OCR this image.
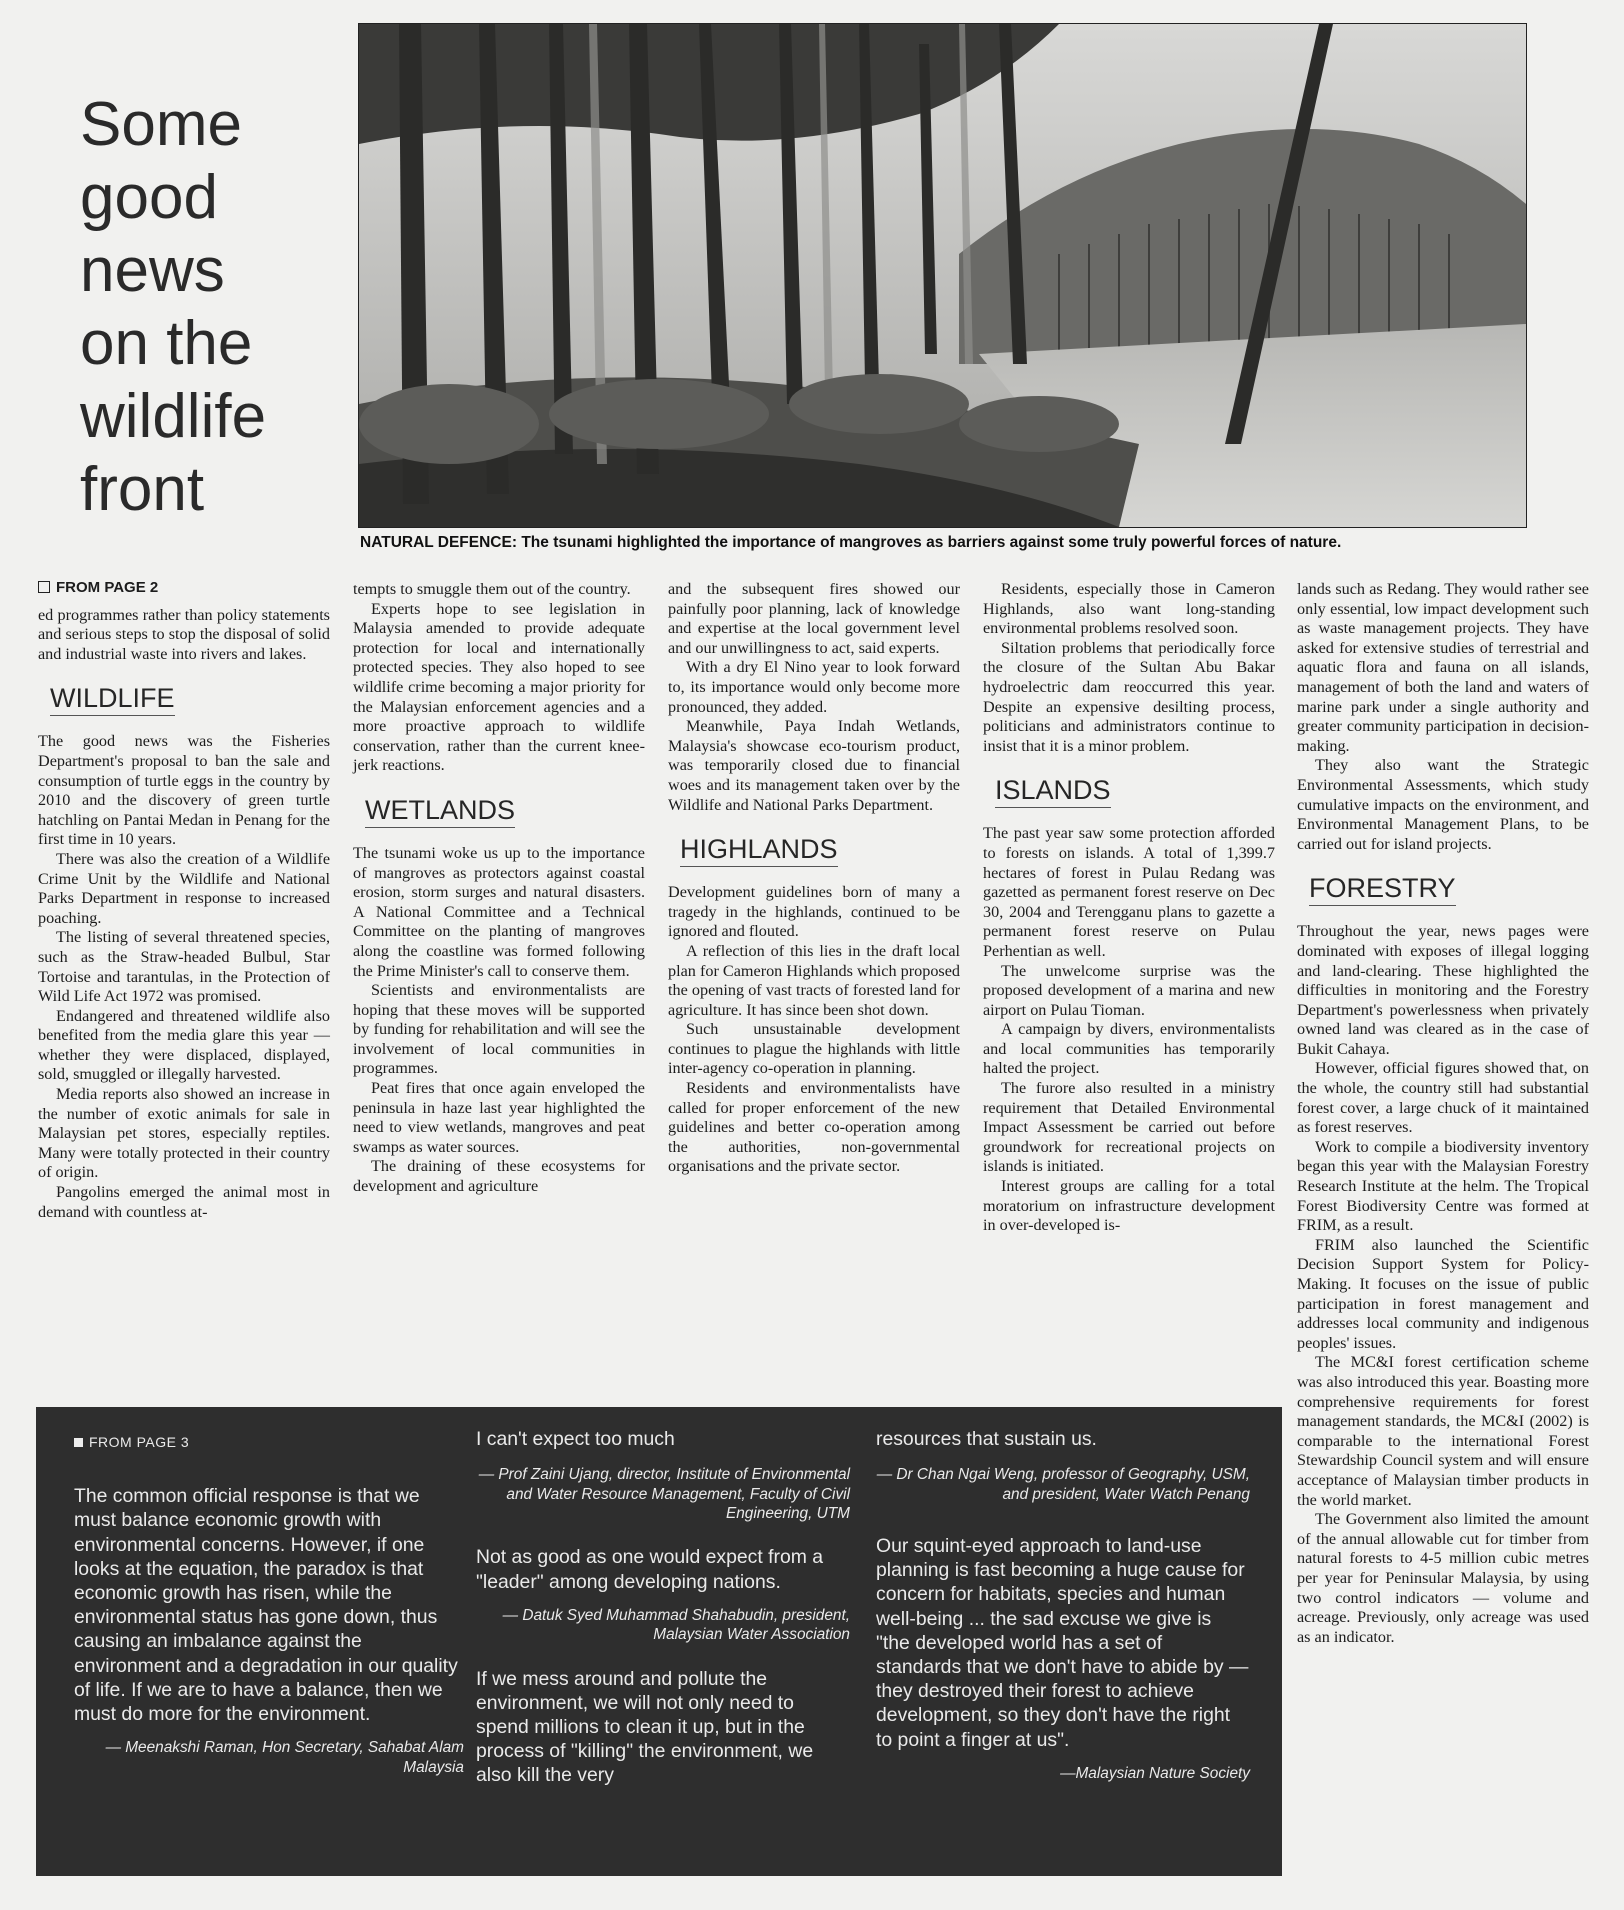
Some
good
news
on the
wildlife
front
NATURAL DEFENCE: The tsunami highlighted the importance of mangroves as barriers against some truly powerful forces of nature.
FROM PAGE 2

ed programmes rather than policy statements and serious steps to stop the disposal of solid and industrial waste into rivers and lakes.

WILDLIFE

The good news was the Fisheries Department's proposal to ban the sale and consumption of turtle eggs in the country by 2010 and the discovery of green turtle hatchling on Pantai Medan in Penang for the first time in 10 years.

There was also the creation of a Wildlife Crime Unit by the Wildlife and National Parks Department in response to increased poaching.

The listing of several threatened species, such as the Straw-headed Bulbul, Star Tortoise and tarantulas, in the Protection of Wild Life Act 1972 was promised.

Endangered and threatened wildlife also benefited from the media glare this year — whether they were displaced, displayed, sold, smuggled or illegally harvested.

Media reports also showed an increase in the number of exotic animals for sale in Malaysian pet stores, especially reptiles. Many were totally protected in their country of origin.

Pangolins emerged the animal most in demand with countless at-

tempts to smuggle them out of the country.

Experts hope to see legislation in Malaysia amended to provide adequate protection for local and internationally protected species. They also hoped to see wildlife crime becoming a major priority for the Malaysian enforcement agencies and a more proactive approach to wildlife conservation, rather than the current knee-jerk reactions.

WETLANDS

The tsunami woke us up to the importance of mangroves as protectors against coastal erosion, storm surges and natural disasters. A National Committee and a Technical Committee on the planting of mangroves along the coastline was formed following the Prime Minister's call to conserve them.

Scientists and environmentalists are hoping that these moves will be supported by funding for rehabilitation and will see the involvement of local communities in programmes.

Peat fires that once again enveloped the peninsula in haze last year highlighted the need to view wetlands, mangroves and peat swamps as water sources.

The draining of these ecosystems for development and agriculture

and the subsequent fires showed our painfully poor planning, lack of knowledge and expertise at the local government level and our unwillingness to act, said experts.

With a dry El Nino year to look forward to, its importance would only become more pronounced, they added.

Meanwhile, Paya Indah Wetlands, Malaysia's showcase eco-tourism product, was temporarily closed due to financial woes and its management taken over by the Wildlife and National Parks Department.

HIGHLANDS

Development guidelines born of many a tragedy in the highlands, continued to be ignored and flouted.

A reflection of this lies in the draft local plan for Cameron Highlands which proposed the opening of vast tracts of forested land for agriculture. It has since been shot down.

Such unsustainable development continues to plague the highlands with little inter-agency co-operation in planning.

Residents and environmentalists have called for proper enforcement of the new guidelines and better co-operation among the authorities, non-governmental organisations and the private sector.

Residents, especially those in Cameron Highlands, also want long-standing environmental problems resolved soon.

Siltation problems that periodically force the closure of the Sultan Abu Bakar hydroelectric dam reoccurred this year. Despite an expensive desilting process, politicians and administrators continue to insist that it is a minor problem.

ISLANDS

The past year saw some protection afforded to forests on islands. A total of 1,399.7 hectares of forest in Pulau Redang was gazetted as permanent forest reserve on Dec 30, 2004 and Terengganu plans to gazette a permanent forest reserve on Pulau Perhentian as well.

The unwelcome surprise was the proposed development of a marina and new airport on Pulau Tioman.

A campaign by divers, environmentalists and local communities has temporarily halted the project.

The furore also resulted in a ministry requirement that Detailed Environmental Impact Assessment be carried out before groundwork for recreational projects on islands is initiated.

Interest groups are calling for a total moratorium on infrastructure development in over-developed is-

lands such as Redang. They would rather see only essential, low impact development such as waste management projects. They have asked for extensive studies of terrestrial and aquatic flora and fauna on all islands, management of both the land and waters of marine park under a single authority and greater community participation in decision-making.

They also want the Strategic Environmental Assessments, which study cumulative impacts on the environment, and Environmental Management Plans, to be carried out for island projects.

FORESTRY

Throughout the year, news pages were dominated with exposes of illegal logging and land-clearing. These highlighted the difficulties in monitoring and the Forestry Department's powerlessness when privately owned land was cleared as in the case of Bukit Cahaya.

However, official figures showed that, on the whole, the country still had substantial forest cover, a large chuck of it maintained as forest reserves.

Work to compile a biodiversity inventory began this year with the Malaysian Forestry Research Institute at the helm. The Tropical Forest Biodiversity Centre was formed at FRIM, as a result.

FRIM also launched the Scientific Decision Support System for Policy-Making. It focuses on the issue of public participation in forest management and addresses local community and indigenous peoples' issues.

The MC&I forest certification scheme was also introduced this year. Boasting more comprehensive requirements for forest management standards, the MC&I (2002) is comparable to the international Forest Stewardship Council system and will ensure acceptance of Malaysian timber products in the world market.

The Government also limited the amount of the annual allowable cut for timber from natural forests to 4-5 million cubic metres per year for Peninsular Malaysia, by using two control indicators — volume and acreage. Previously, only acreage was used as an indicator.

FROM PAGE 3

The common official response is that we must balance economic growth with environmental concerns. However, if one looks at the equation, the paradox is that economic growth has risen, while the environmental status has gone down, thus causing an imbalance against the environment and a degradation in our quality of life. If we are to have a balance, then we must do more for the environment.

— Meenakshi Raman, Hon Secretary, Sahabat Alam Malaysia

I can't expect too much

— Prof Zaini Ujang, director, Institute of Environmental and Water Resource Management, Faculty of Civil Engineering, UTM

Not as good as one would expect from a "leader" among developing nations.

— Datuk Syed Muhammad Shahabudin, president, Malaysian Water Association

If we mess around and pollute the environment, we will not only need to spend millions to clean it up, but in the process of "killing" the environment, we also kill the very

resources that sustain us.

— Dr Chan Ngai Weng, professor of Geography, USM, and president, Water Watch Penang

Our squint-eyed approach to land-use planning is fast becoming a huge cause for concern for habitats, species and human well-being ... the sad excuse we give is "the developed world has a set of standards that we don't have to abide by — they destroyed their forest to achieve development, so they don't have the right to point a finger at us".

—Malaysian Nature Society
